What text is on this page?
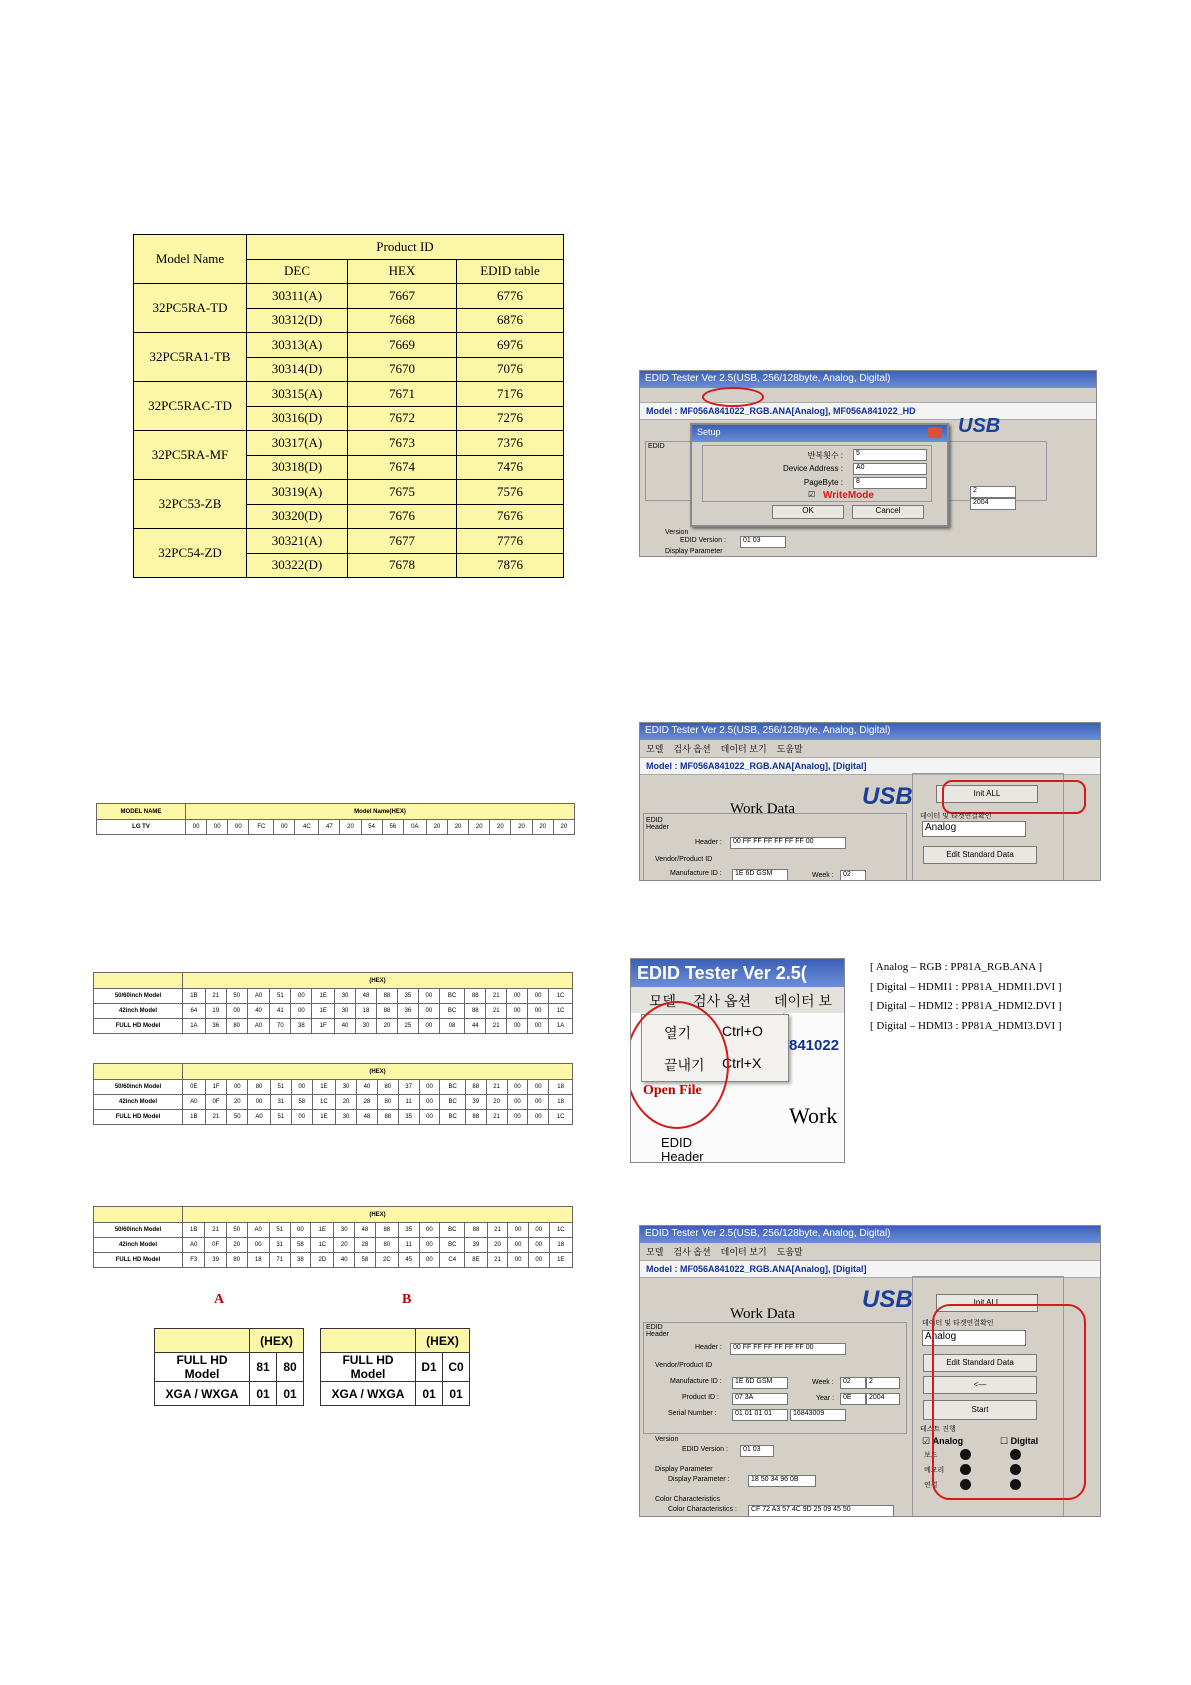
Model Name	Product ID		
	DEC	HEX	EDID table
32PC5RA-TD	30311(A)	7667	6776
	30312(D)	7668	6876
32PC5RA1-TB	30313(A)	7669	6976
	30314(D)	7670	7076
32PC5RAC-TD	30315(A)	7671	7176
	30316(D)	7672	7276
32PC5RA-MF	30317(A)	7673	7376
	30318(D)	7674	7476
32PC53-ZB	30319(A)	7675	7576
	30320(D)	7676	7676
32PC54-ZD	30321(A)	7677	7776
	30322(D)	7678	7876
MODEL NAME	Model Name(HEX)																	
LG TV	00	00	00	FC	00	4C	47	20	54	56	0A	20	20	20	20	20	20	20
	(HEX)																	
50/60inch Model	1B	21	50	A0	51	00	1E	30	48	88	35	00	BC	88	21	00	00	1C
42inch Model	64	19	00	40	41	00	1E	30	18	88	36	00	BC	88	21	00	00	1C
FULL HD Model	1A	36	80	A0	70	38	1F	40	30	20	25	00	08	44	21	00	00	1A
	(HEX)																	
50/60inch Model	0E	1F	00	80	51	00	1E	30	40	80	37	00	BC	88	21	00	00	18
42inch Model	A0	0F	20	00	31	58	1C	20	28	80	11	00	BC	39	20	00	00	18
FULL HD Model	1B	21	50	A0	51	00	1E	30	48	88	35	00	BC	88	21	00	00	1C
	(HEX)																	
50/60inch Model	1B	21	50	A0	51	00	1E	30	48	88	35	00	BC	88	21	00	00	1C
42inch Model	A0	0F	20	00	31	58	1C	20	28	80	11	00	BC	39	20	00	00	18
FULL HD Model	F3	39	80	18	71	38	2D	40	58	2C	45	00	C4	8E	21	00	00	1E
A	B
	(HEX)	
FULL HD Model	81	80
XGA / WXGA	01	01
	(HEX)	
FULL HD Model	D1	C0
XGA / WXGA	01	01
EDID Tester Ver 2.5(USB, 256/128byte, Analog, Digital)
Model : MF056A841022_RGB.ANA[Analog], MF056A841022_HD
USB
EDID
2
2004
Setup
반복횟수 :	5
Device Address :	A0
PageByte :	8
☑ WriteMode
OK	Cancel
Version
EDID Version :	01 03
Display Parameter
EDID Tester Ver 2.5(USB, 256/128byte, Analog, Digital)
모델 검사 옵션 데이터 보기 도움말
Model : MF056A841022_RGB.ANA[Analog], [Digital]
Work Data	USB
EDID Header
Header :	00 FF FF FF FF FF FF 00
Vendor/Product ID
Manufacture ID :	1E 6D GSM	Week :	02
Init ALL
데이터 및 타겟연결확인
Analog
Edit Standard Data
EDID Tester Ver 2.5(
모델 검사 옵션 데이터 보
열기 Ctrl+O
끝내기 Ctrl+X
841022
Open File
Work
EDID
Header
[ Analog – RGB : PP81A_RGB.ANA ]
[ Digital – HDMI1 : PP81A_HDMI1.DVI ]
[ Digital – HDMI2 : PP81A_HDMI2.DVI ]
[ Digital – HDMI3 : PP81A_HDMI3.DVI ]
EDID Tester Ver 2.5(USB, 256/128byte, Analog, Digital)
모델 검사 옵션 데이터 보기 도움말
Model : MF056A841022_RGB.ANA[Analog], [Digital]
Work Data
USB
EDID Header
Header :	00 FF FF FF FF FF FF 00
Vendor/Product ID
Manufacture ID :	1E 6D GSM	Week :	02	2
Product ID :	07 3A	Year :	0E	2004
Serial Number :	01 01 01 01	16843009
Version
EDID Version :	01 03
Display Parameter
Display Parameter :	18 50 34 96 0B
Color Characteristics
Color Characteristics :	CF 72 A3 57 4C 9D 25 09 45 50
Init ALL
데이터 및 타겟연결확인
Analog
Edit Standard Data
<—
Start
테스트 진행
☑ Analog	☐ Digital
보드
메모리
연결
